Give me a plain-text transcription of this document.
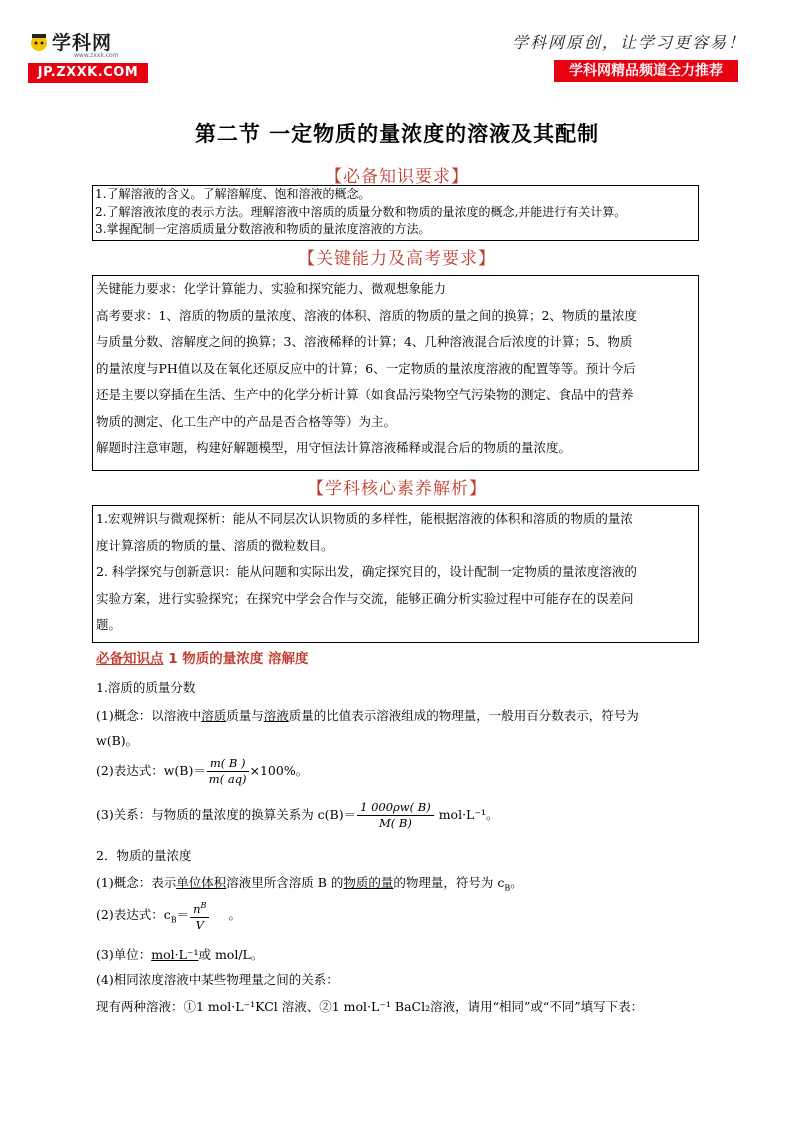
学科网
www.zxxk.com
JP.ZXXK.COM
学科网原创，让学习更容易！
学科网精品频道全力推荐
第二节 一定物质的量浓度的溶液及其配制
【必备知识要求】

1.了解溶液的含义。了解溶解度、饱和溶液的概念。

2.了解溶液浓度的表示方法。理解溶液中溶质的质量分数和物质的量浓度的概念,并能进行有关计算。

3.掌握配制一定溶质质量分数溶液和物质的量浓度溶液的方法。

【关键能力及高考要求】

关键能力要求：化学计算能力、实验和探究能力、微观想象能力

高考要求：1、溶质的物质的量浓度、溶液的体积、溶质的物质的量之间的换算；2、物质的量浓度

与质量分数、溶解度之间的换算；3、溶液稀释的计算；4、几种溶液混合后浓度的计算；5、物质

的量浓度与PH值以及在氧化还原反应中的计算；6、一定物质的量浓度溶液的配置等等。预计今后

还是主要以穿插在生活、生产中的化学分析计算（如食品污染物空气污染物的测定、食品中的营养

物质的测定、化工生产中的产品是否合格等等）为主。

解题时注意审题，构建好解题模型，用守恒法计算溶液稀释或混合后的物质的量浓度。

【学科核心素养解析】

1.宏观辨识与微观探析：能从不同层次认识物质的多样性，能根据溶液的体积和溶质的物质的量浓

度计算溶质的物质的量、溶质的微粒数目。

2. 科学探究与创新意识：能从问题和实际出发，确定探究目的，设计配制一定物质的量浓度溶液的

实验方案，进行实验探究；在探究中学会合作与交流，能够正确分析实验过程中可能存在的误差问

题。

必备知识点 1 物质的量浓度 溶解度

1.溶质的质量分数

(1)概念：以溶液中溶质质量与溶液质量的比值表示溶液组成的物理量，一般用百分数表示，符号为

w(B)。

(2)表达式：$w(B)= \frac{m( B )}{m( aq)} \times 100\%$。

(3)关系：与物质的量浓度的换算关系为 $c(B)= \frac{1 000\rho w( B)}{M( B)} mol\cdot L^{-1}$。

2．物质的量浓度

(1)概念：表示单位体积溶液里所含溶质 B 的物质的量的物理量，符号为 $c_B$。

(2)表达式：$c_B= \frac{n^B}{V}$ 。

(3)单位：mol·L⁻¹或 mol/L。

(4)相同浓度溶液中某些物理量之间的关系：

现有两种溶液：①1 mol·L⁻¹KCl 溶液、②1 mol·L⁻¹ BaCl₂溶液，请用“相同”或“不同”填写下表：
